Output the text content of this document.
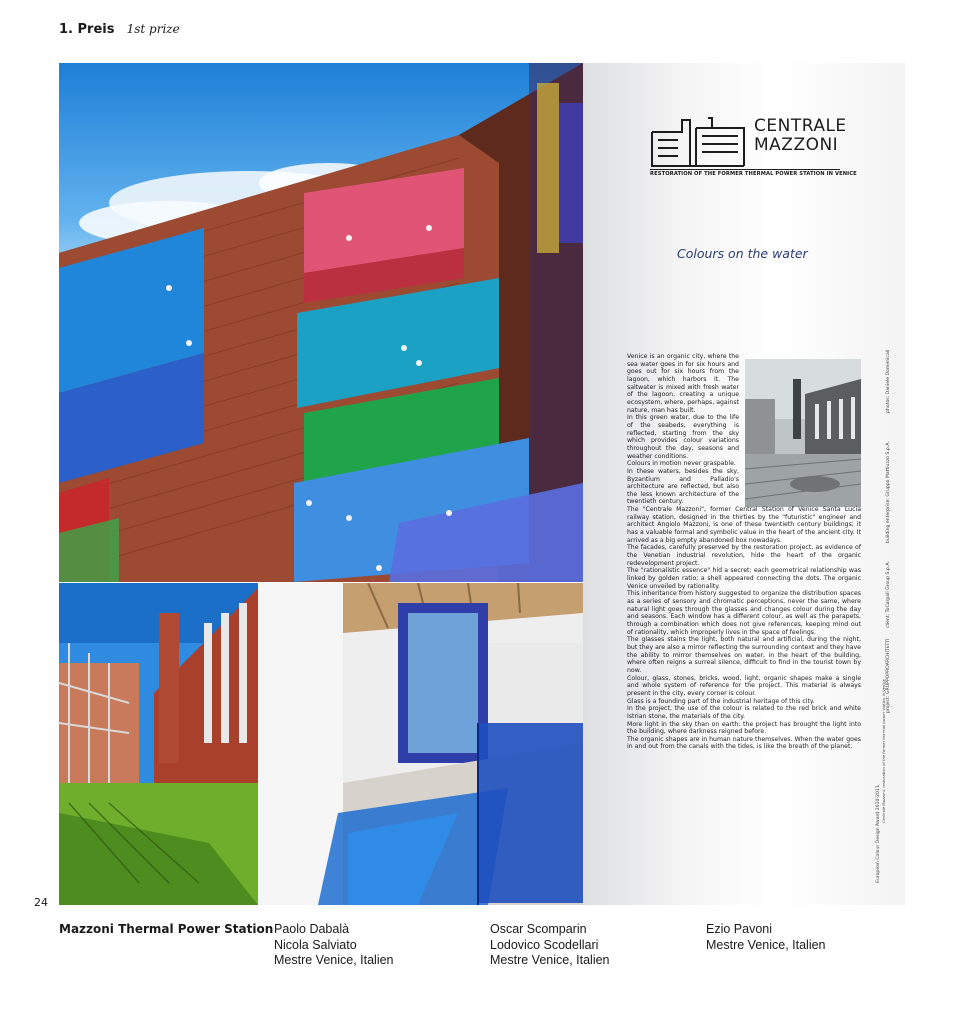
1. Preis 1st prize
CENTRALE
MAZZONI
RESTORATION OF THE FORMER THERMAL POWER STATION IN VENICE
Colours on the water

Venice is an organic city, where the sea water goes in for six hours and goes out for six hours from the lagoon, which harbors it. The saltwater is mixed with fresh water of the lagoon, creating a unique ecosystem, where, perhaps, against nature, man has built.

In this green water, due to the life of the seabeds, everything is reflected, starting from the sky which provides colour variations throughout the day, seasons and weather conditions.

Colours in motion never graspable.

In these waters, besides the sky, Byzantium and Palladio's architecture are reflected, but also the less known architecture of the twentieth century.

The "Centrale Mazzoni", former Central Station of Venice Santa Lucia railway station, designed in the thirties by the "futuristic" engineer and architect Angiolo Mazzoni, is one of these twentieth century buildings; it has a valuable formal and symbolic value in the heart of the ancient city. It arrived as a big empty abandoned box nowadays.

The facades, carefully preserved by the restoration project, as evidence of the Venetian industrial revolution, hide the heart of the organic redevelopment project.

The "rationalistic essence" hid a secret: each geometrical relationship was linked by golden ratio; a shell appeared connecting the dots. The organic Venice unveiled by rationality.

This inheritance from history suggested to organize the distribution spaces as a series of sensory and chromatic perceptions, never the same, where natural light goes through the glasses and changes colour during the day and seasons. Each window has a different colour, as well as the parapets, through a combination which does not give references, keeping mind out of rationality, which improperly lives in the space of feelings.

The glasses stains the light, both natural and artificial, during the night, but they are also a mirror reflecting the surrounding context and they have the ability to mirror themselves on water, in the heart of the building, where often reigns a surreal silence, difficult to find in the tourist town by now.

Colour, glass, stones, bricks, wood, light, organic shapes make a single and whole system of reference for the project. This material is always present in the city, every corner is colour.

Glass is a founding part of the industrial heritage of this city.

In the project, the use of the colour is related to the red brick and white Istrian stone, the materials of the city.

More light in the sky than on earth: the project has brought the light into the building, where darkness reigned before.

The organic shapes are in human nature themselves. When the water goes in and out from the canals with the tides, is like the breath of the planet.

photos: Daniele Domenicali
building enterprise: Gruppo Mattiuzzo S.p.A.
client: ToCarpall Group S.p.A.
project: GRUPPOPROARCHITETTI
European Colour Design Award 2010-2011
Centrale Mazzoni, restoration of the former thermal power station in Venice
24
Mazzoni Thermal Power Station Paolo Dabalà
Nicola Salviato
Mestre Venice, Italien
Oscar Scomparin
Lodovico Scodellari
Mestre Venice, Italien
Ezio Pavoni
Mestre Venice, Italien
